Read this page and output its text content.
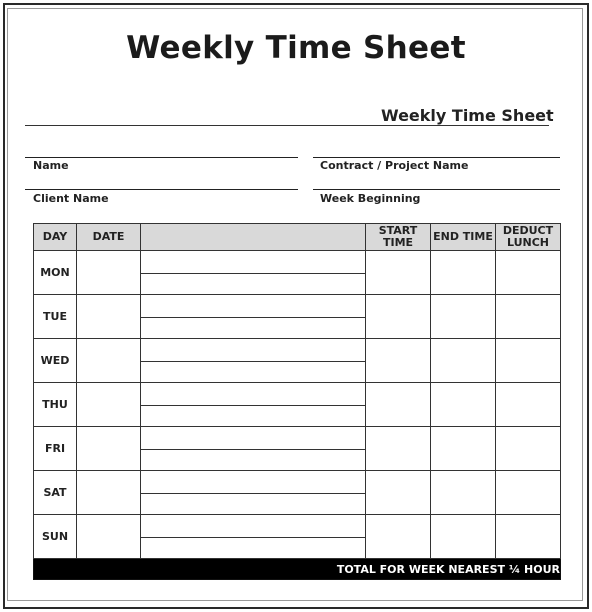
Weekly Time Sheet
Weekly Time Sheet
Name	Contract / Project Name
Client Name	Week Beginning
DAY	DATE		START TIME	END TIME	DEDUCT LUNCH
MON		

TUE		

WED		

THU		

FRI		

SAT		

SUN		

TOTAL FOR WEEK NEAREST ¼ HOUR					
